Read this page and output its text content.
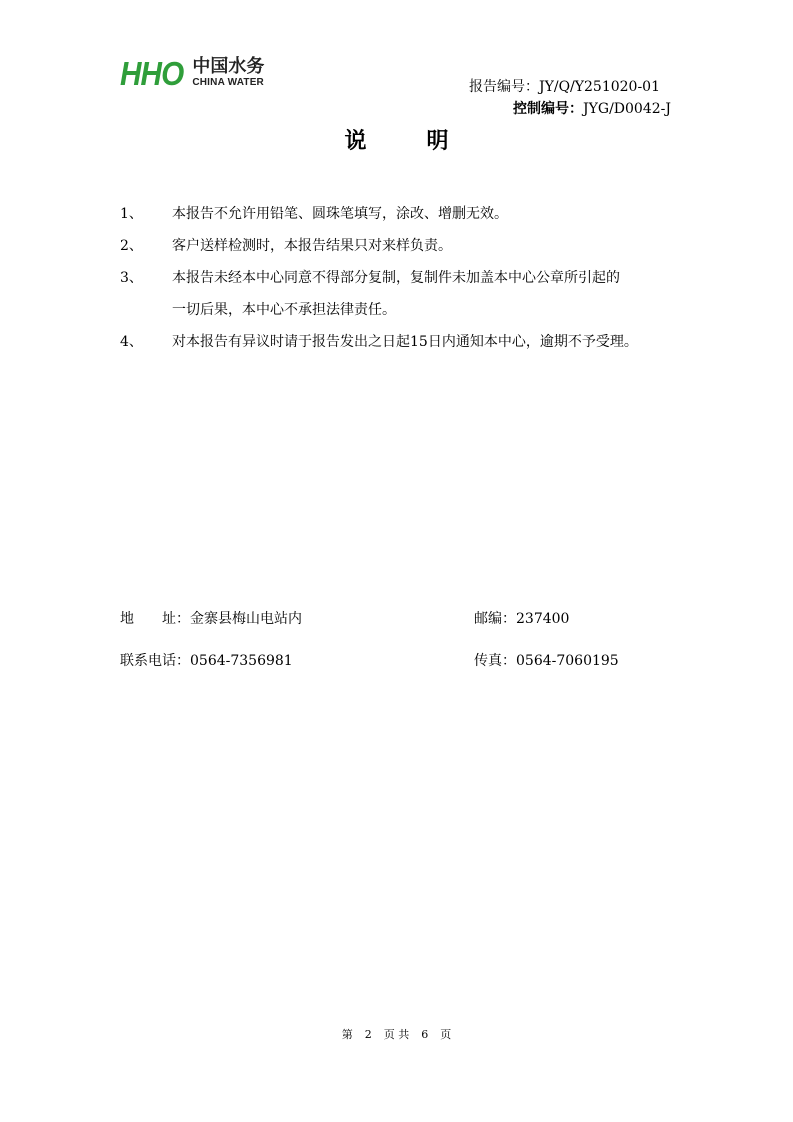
HHO 中国水务
CHINA WATER	报告编号：JY/Q/Y251020-01
控制编号：JYG/D0042-J
说	明
1、	本报告不允许用铅笔、圆珠笔填写，涂改、增删无效。
2、	客户送样检测时，本报告结果只对来样负责。
3、	本报告未经本中心同意不得部分复制，复制件未加盖本中心公章所引起的
一切后果，本中心不承担法律责任。
4、	对本报告有异议时请于报告发出之日起15日内通知本中心，逾期不予受理。
地　　址：金寨县梅山电站内	邮编：237400
联系电话：0564-7356981	传真：0564-7060195
第 2 页 共 6 页
